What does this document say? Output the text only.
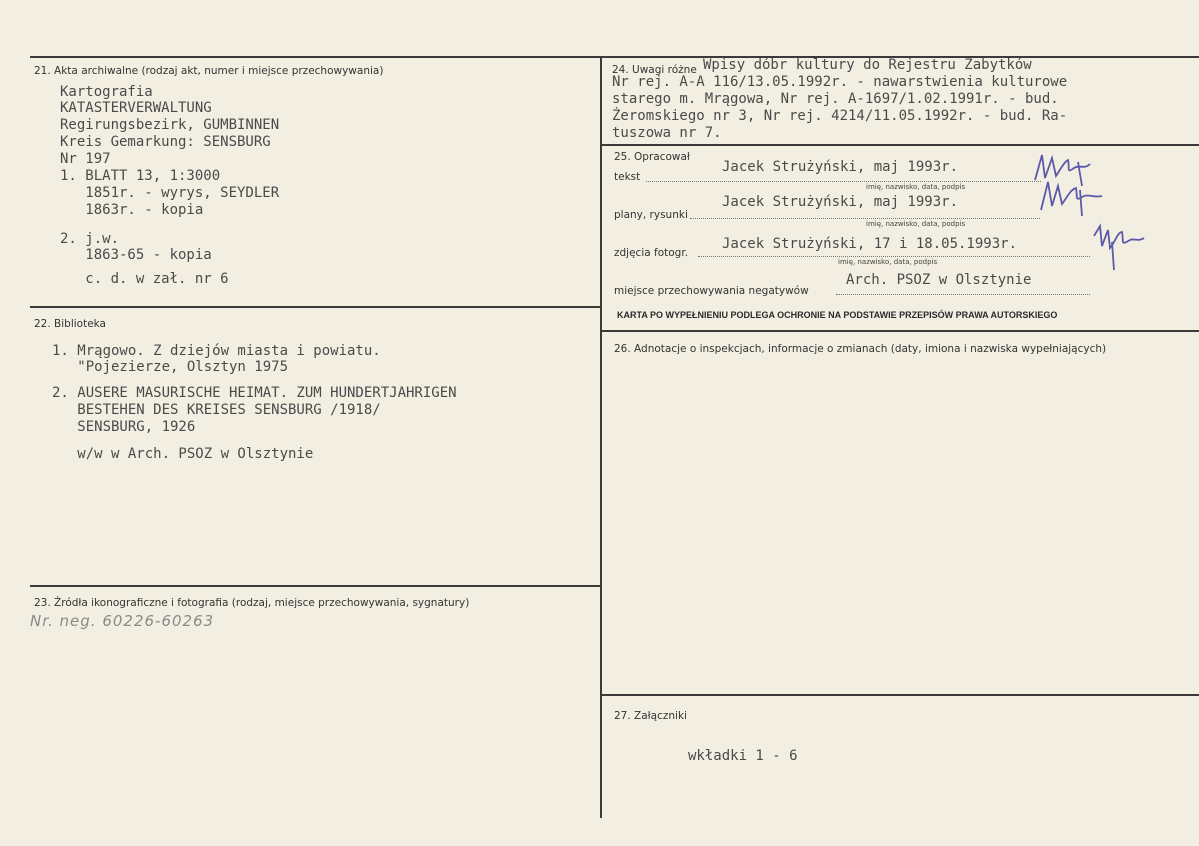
21. Akta archiwalne (rodzaj akt, numer i miejsce przechowywania)
Kartografia
KATASTERVERWALTUNG
Regirungsbezirk, GUMBINNEN
Kreis Gemarkung: SENSBURG
Nr 197
1. BLATT 13, 1:3000
1851r. - wyrys, SEYDLER
1863r. - kopia
2. j.w.
1863-65 - kopia
c. d. w zał. nr 6
22. Biblioteka
1. Mrągowo. Z dziejów miasta i powiatu.
"Pojezierze, Olsztyn 1975
2. AUSERE MASURISCHE HEIMAT. ZUM HUNDERTJAHRIGEN
BESTEHEN DES KREISES SENSBURG /1918/
SENSBURG, 1926
w/w w Arch. PSOZ w Olsztynie
23. Źródła ikonograficzne i fotografia (rodzaj, miejsce przechowywania, sygnatury)
Nr. neg. 60226-60263
24. Uwagi różne Wpisy dóbr kultury do Rejestru Zabytków
Nr rej. A-A 116/13.05.1992r. - nawarstwienia kulturowe
starego m. Mrągowa, Nr rej. A-1697/1.02.1991r. - bud.
Żeromskiego nr 3, Nr rej. 4214/11.05.1992r. - bud. Ra-
tuszowa nr 7.
25. Opracował
tekst
Jacek Strużyński, maj 1993r.
imię, nazwisko, data, podpis
plany, rysunki
Jacek Strużyński, maj 1993r.
imię, nazwisko, data, podpis
zdjęcia fotogr.
Jacek Strużyński, 17 i 18.05.1993r.
imię, nazwisko, data, podpis
miejsce przechowywania negatywów
Arch. PSOZ w Olsztynie
KARTA PO WYPEŁNIENIU PODLEGA OCHRONIE NA PODSTAWIE PRZEPISÓW PRAWA AUTORSKIEGO
26. Adnotacje o inspekcjach, informacje o zmianach (daty, imiona i nazwiska wypełniających)
27. Załączniki
wkładki 1 - 6
